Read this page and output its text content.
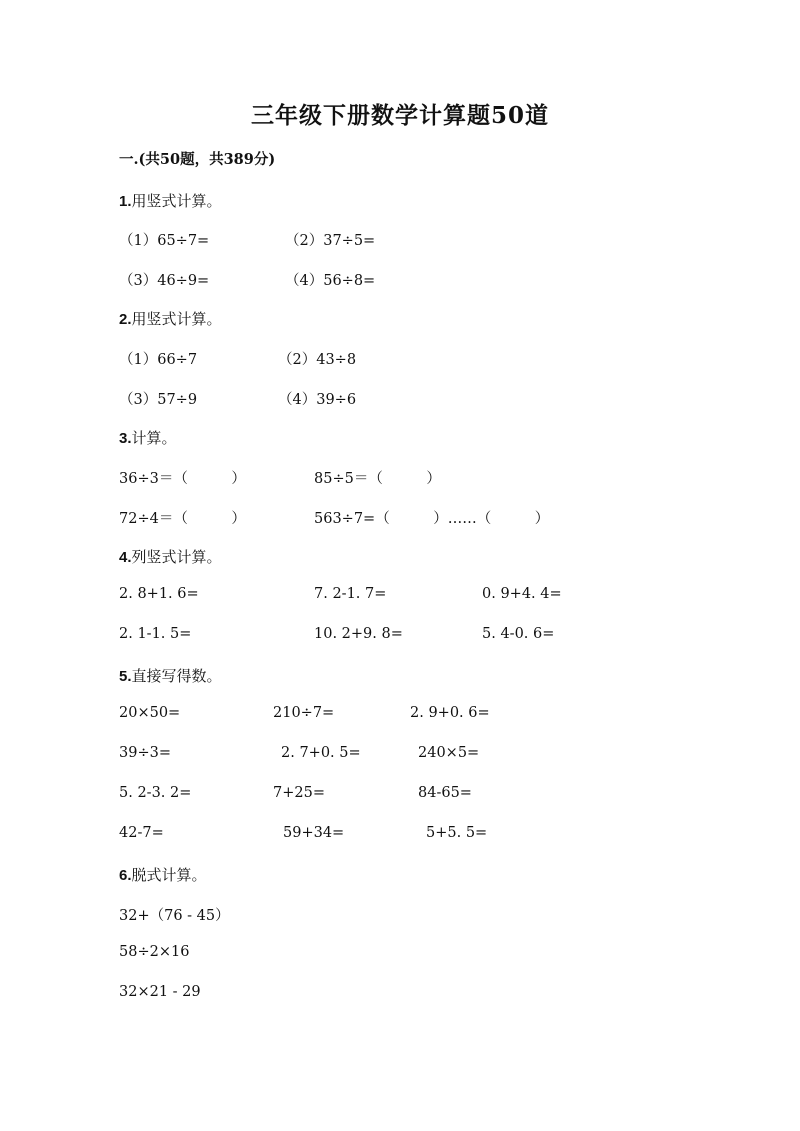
三年级下册数学计算题50道
一.(共50题，共389分)
1.用竖式计算。
（1）65÷7=	（2）37÷5=
（3）46÷9=	（4）56÷8=
2.用竖式计算。
（1）66÷7	（2）43÷8
（3）57÷9	（4）39÷6
3.计算。
36÷3＝（　　　）	85÷5＝（　　　）
72÷4＝（　　　）	563÷7=（　　　）……（　　　）
4.列竖式计算。
2. 8+1. 6=	7. 2-1. 7=	0. 9+4. 4=
2. 1-1. 5=	10. 2+9. 8=	5. 4-0. 6=
5.直接写得数。
20×50=	210÷7=	2. 9+0. 6=
39÷3=	2. 7+0. 5=	240×5=
5. 2-3. 2=	7+25=	84-65=
42-7=	59+34=	5+5. 5=
6.脱式计算。
32+（76 - 45）
58÷2×16
32×21 - 29
